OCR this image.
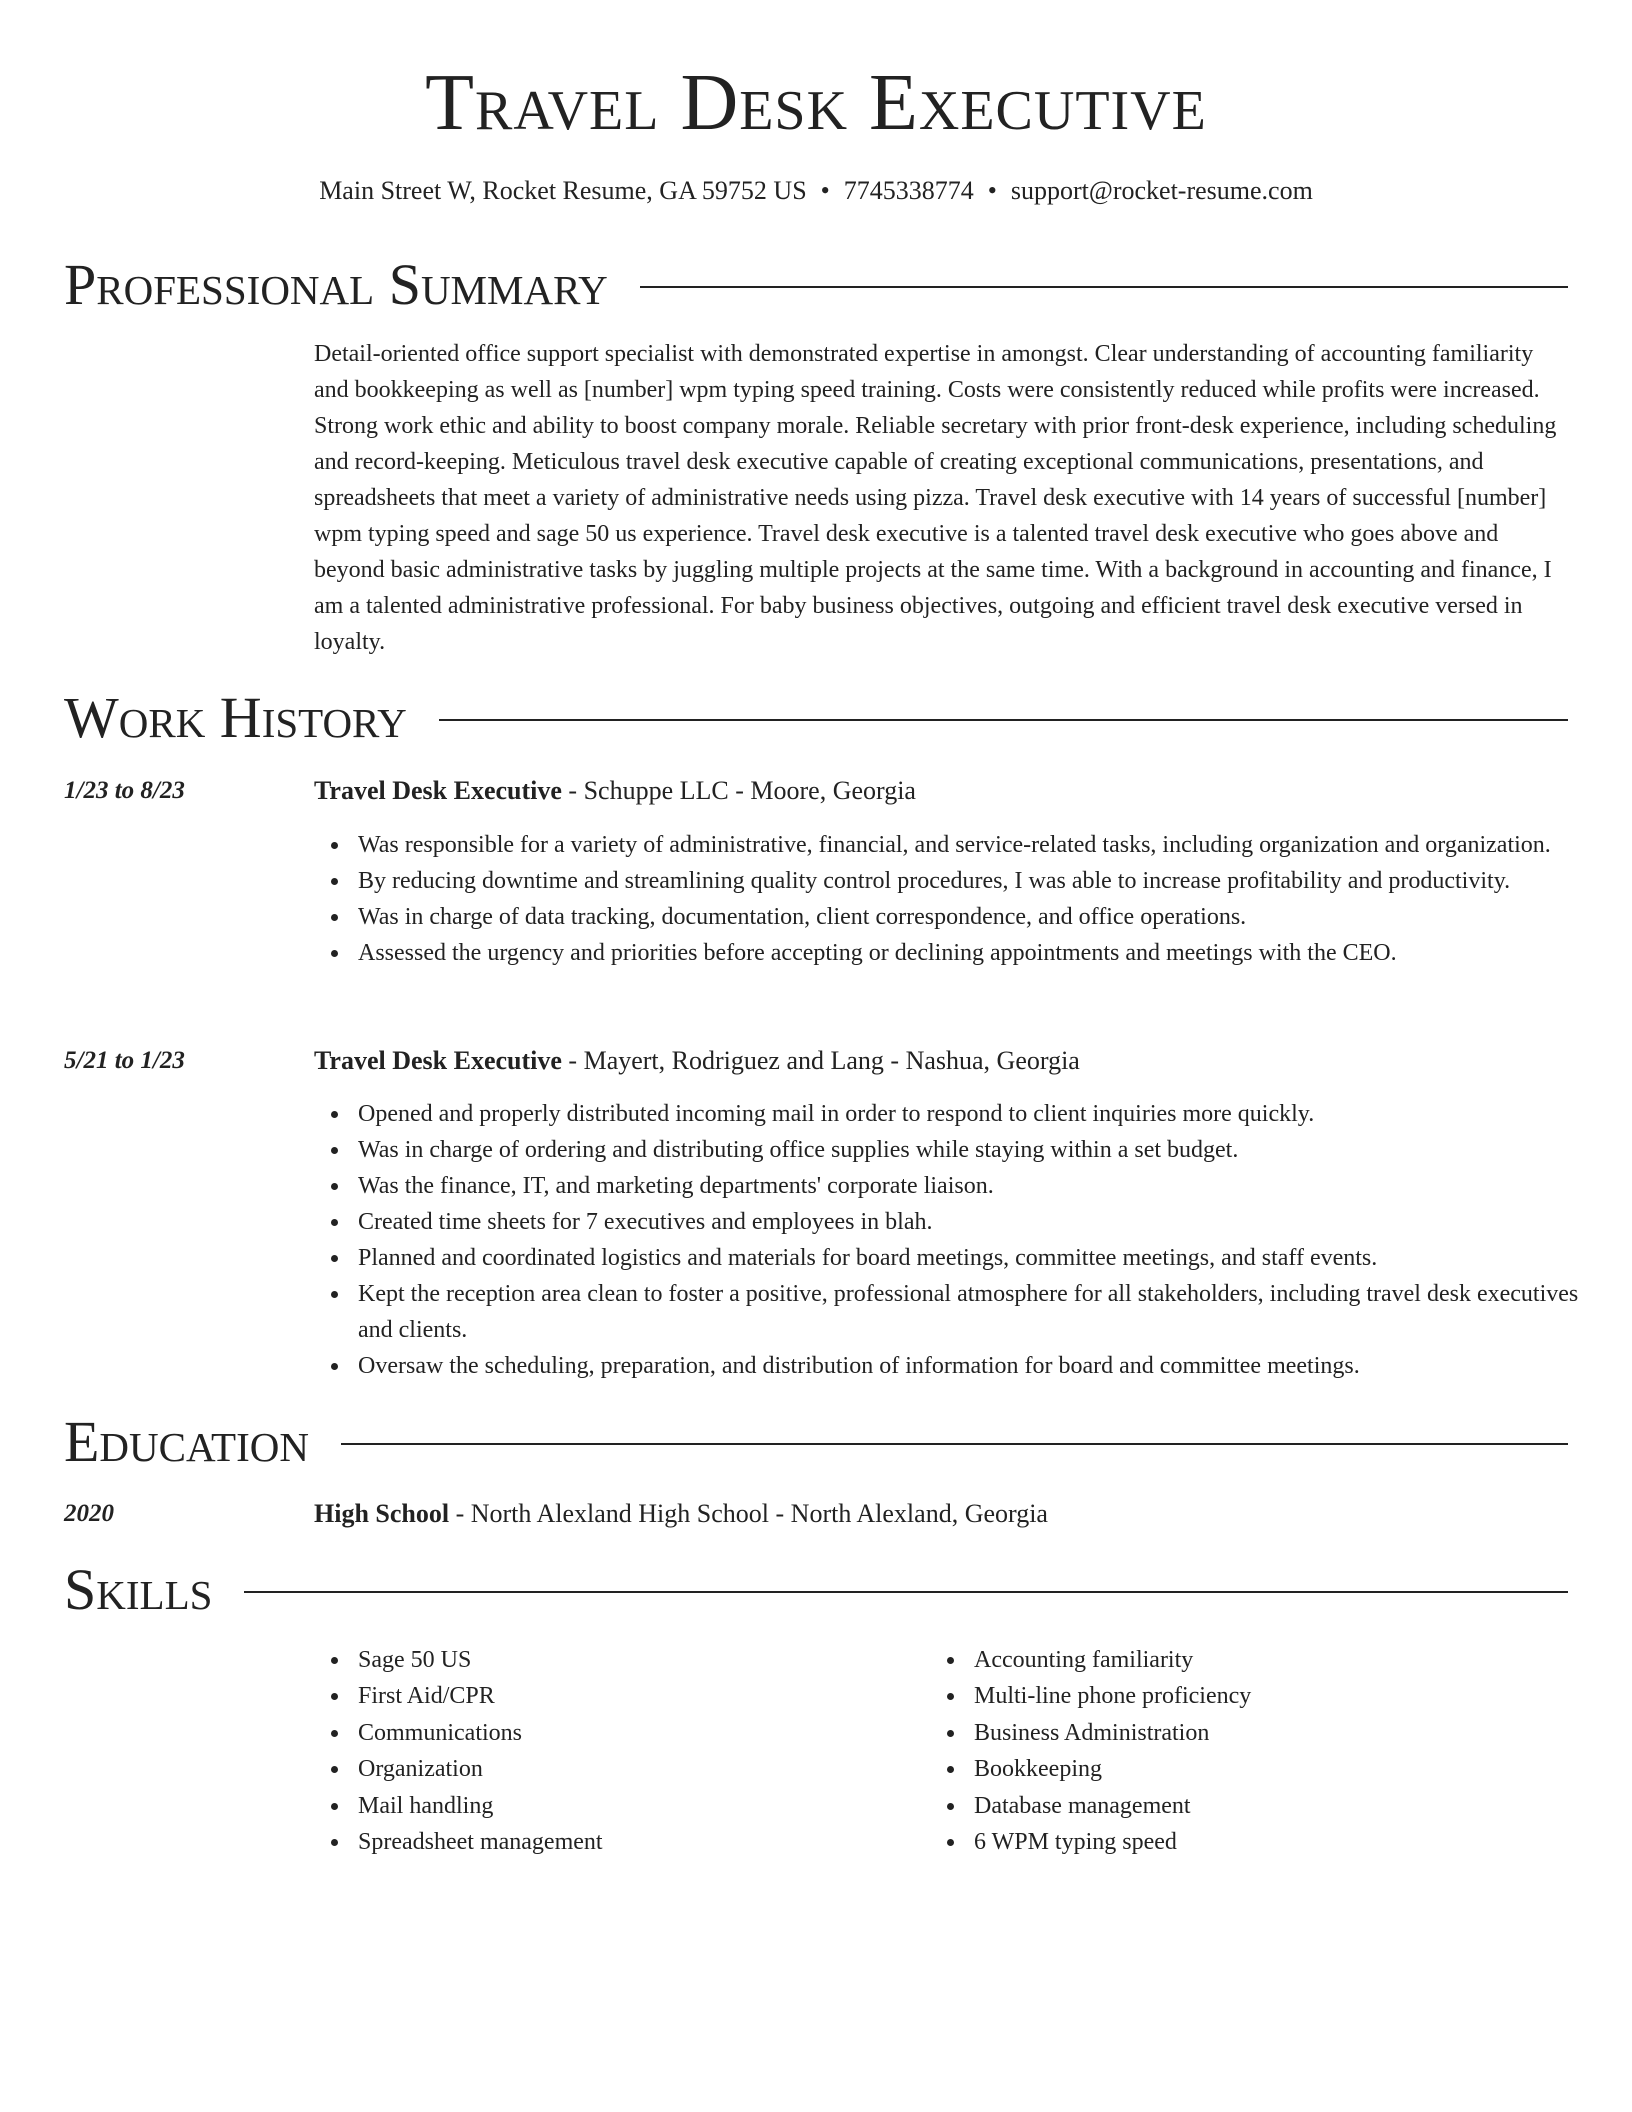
Travel Desk Executive
Main Street W, Rocket Resume, GA 59752 US • 7745338774 • support@rocket-resume.com
Professional Summary
Detail-oriented office support specialist with demonstrated expertise in amongst. Clear understanding of accounting familiarity and bookkeeping as well as [number] wpm typing speed training. Costs were consistently reduced while profits were increased. Strong work ethic and ability to boost company morale. Reliable secretary with prior front-desk experience, including scheduling and record-keeping. Meticulous travel desk executive capable of creating exceptional communications, presentations, and spreadsheets that meet a variety of administrative needs using pizza. Travel desk executive with 14 years of successful [number] wpm typing speed and sage 50 us experience. Travel desk executive is a talented travel desk executive who goes above and beyond basic administrative tasks by juggling multiple projects at the same time. With a background in accounting and finance, I am a talented administrative professional. For baby business objectives, outgoing and efficient travel desk executive versed in loyalty.
Work History
1/23 to 8/23	Travel Desk Executive - Schuppe LLC - Moore, Georgia
Was responsible for a variety of administrative, financial, and service-related tasks, including organization and organization.
By reducing downtime and streamlining quality control procedures, I was able to increase profitability and productivity.
Was in charge of data tracking, documentation, client correspondence, and office operations.
Assessed the urgency and priorities before accepting or declining appointments and meetings with the CEO.
5/21 to 1/23	Travel Desk Executive - Mayert, Rodriguez and Lang - Nashua, Georgia
Opened and properly distributed incoming mail in order to respond to client inquiries more quickly.
Was in charge of ordering and distributing office supplies while staying within a set budget.
Was the finance, IT, and marketing departments' corporate liaison.
Created time sheets for 7 executives and employees in blah.
Planned and coordinated logistics and materials for board meetings, committee meetings, and staff events.
Kept the reception area clean to foster a positive, professional atmosphere for all stakeholders, including travel desk executives and clients.
Oversaw the scheduling, preparation, and distribution of information for board and committee meetings.
Education
2020	High School - North Alexland High School - North Alexland, Georgia
Skills
Sage 50 US
First Aid/CPR
Communications
Organization
Mail handling
Spreadsheet management
Accounting familiarity
Multi-line phone proficiency
Business Administration
Bookkeeping
Database management
6 WPM typing speed
